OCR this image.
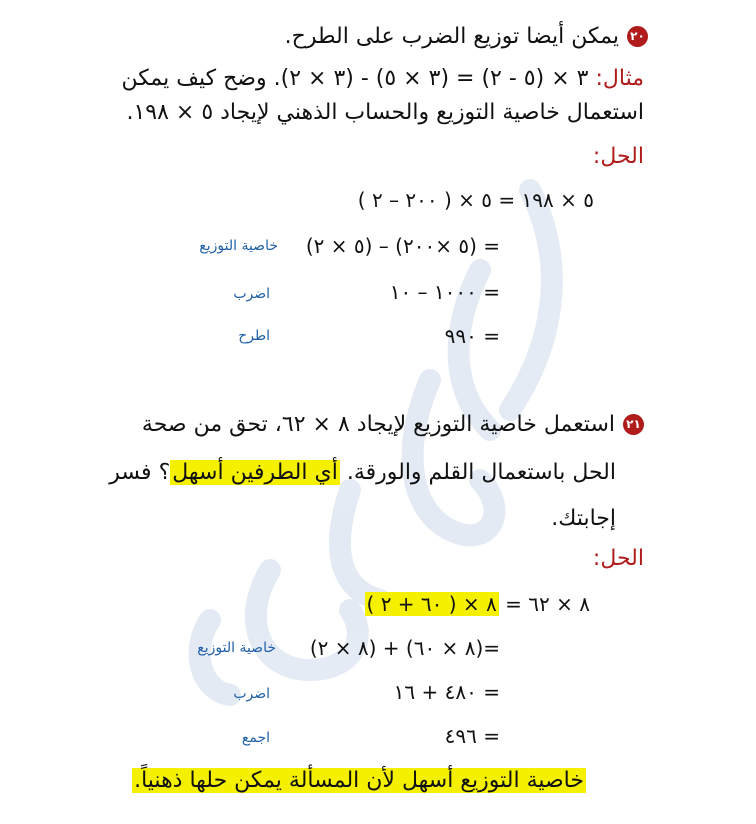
٢٠يمكن أيضا توزيع الضرب على الطرح.
مثال: ٣ × (٥ - ٢) = (٣ × ٥) - (٣ × ٢). وضح كيف يمكن
استعمال خاصية التوزيع والحساب الذهني لإيجاد ٥ × ١٩٨.
الحل:
٥ × ١٩٨ = ٥ × ( ٢٠٠ – ٢ )
= (٥ ×٢٠٠) – (٥ × ٢)
خاصية التوزيع
= ١٠٠٠ – ١٠
اضرب
= ٩٩٠
اطرح
٢١استعمل خاصية التوزيع لإيجاد ٨ × ٦٢، تحق من صحة
الحل باستعمال القلم والورقة. أي الطرفين أسهل؟ فسر
إجابتك.
الحل:
٨ × ٦٢ = ٨ × ( ٦٠ + ٢ )
=(٨ × ٦٠) + (٨ × ٢)
خاصية التوزيع
= ٤٨٠ + ١٦
اضرب
= ٤٩٦
اجمع
خاصية التوزيع أسهل لأن المسألة يمكن حلها ذهنياً.
